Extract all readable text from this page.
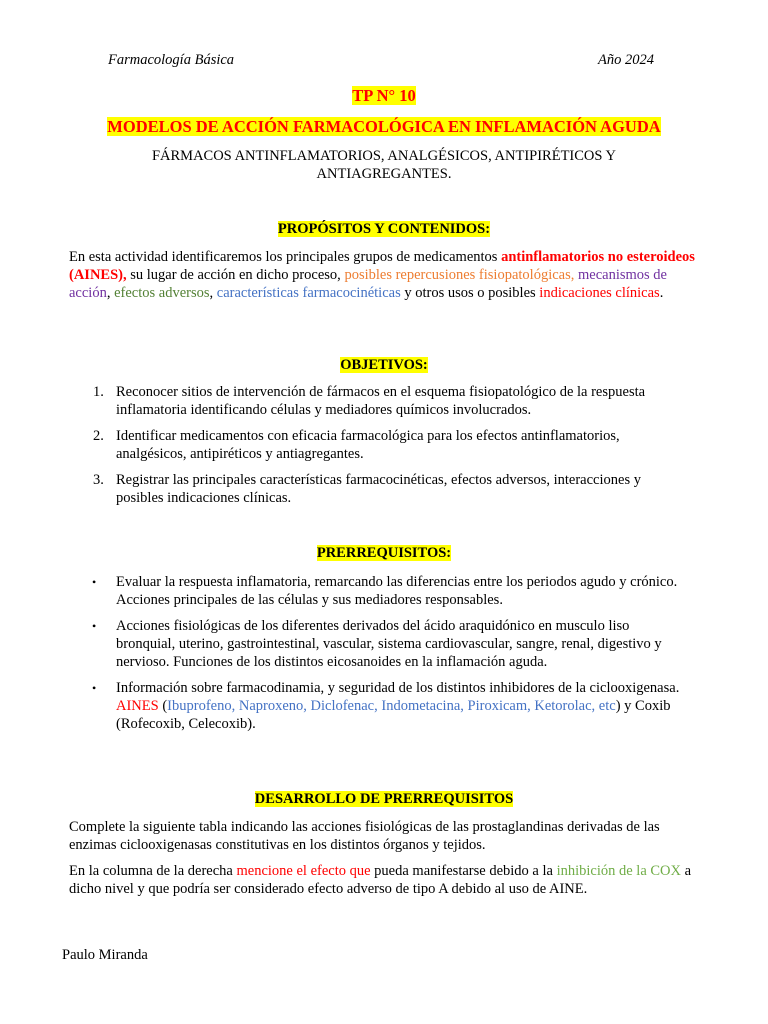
Farmacología Básica	Año 2024
TP N° 10
MODELOS DE ACCIÓN FARMACOLÓGICA EN INFLAMACIÓN AGUDA
FÁRMACOS ANTINFLAMATORIOS, ANALGÉSICOS, ANTIPIRÉTICOS Y ANTIAGREGANTES.
PROPÓSITOS Y CONTENIDOS:
En esta actividad identificaremos los principales grupos de medicamentos antinflamatorios no esteroideos (AINES), su lugar de acción en dicho proceso, posibles repercusiones fisiopatológicas, mecanismos de acción, efectos adversos, características farmacocinéticas y otros usos o posibles indicaciones clínicas.
OBJETIVOS:
1. Reconocer sitios de intervención de fármacos en el esquema fisiopatológico de la respuesta inflamatoria identificando células y mediadores químicos involucrados.
2. Identificar medicamentos con eficacia farmacológica para los efectos antinflamatorios, analgésicos, antipiréticos y antiagregantes.
3. Registrar las principales características farmacocinéticas, efectos adversos, interacciones y posibles indicaciones clínicas.
PRERREQUISITOS:
• Evaluar la respuesta inflamatoria, remarcando las diferencias entre los periodos agudo y crónico. Acciones principales de las células y sus mediadores responsables.
• Acciones fisiológicas de los diferentes derivados del ácido araquidónico en musculo liso bronquial, uterino, gastrointestinal, vascular, sistema cardiovascular, sangre, renal, digestivo y nervioso. Funciones de los distintos eicosanoides en la inflamación aguda.
• Información sobre farmacodinamia, y seguridad de los distintos inhibidores de la ciclooxigenasa. AINES (Ibuprofeno, Naproxeno, Diclofenac, Indometacina, Piroxicam, Ketorolac, etc) y Coxib (Rofecoxib, Celecoxib).
DESARROLLO DE PRERREQUISITOS
Complete la siguiente tabla indicando las acciones fisiológicas de las prostaglandinas derivadas de las enzimas ciclooxigenasas constitutivas en los distintos órganos y tejidos.
En la columna de la derecha mencione el efecto que pueda manifestarse debido a la inhibición de la COX a dicho nivel y que podría ser considerado efecto adverso de tipo A debido al uso de AINE.
Paulo Miranda
